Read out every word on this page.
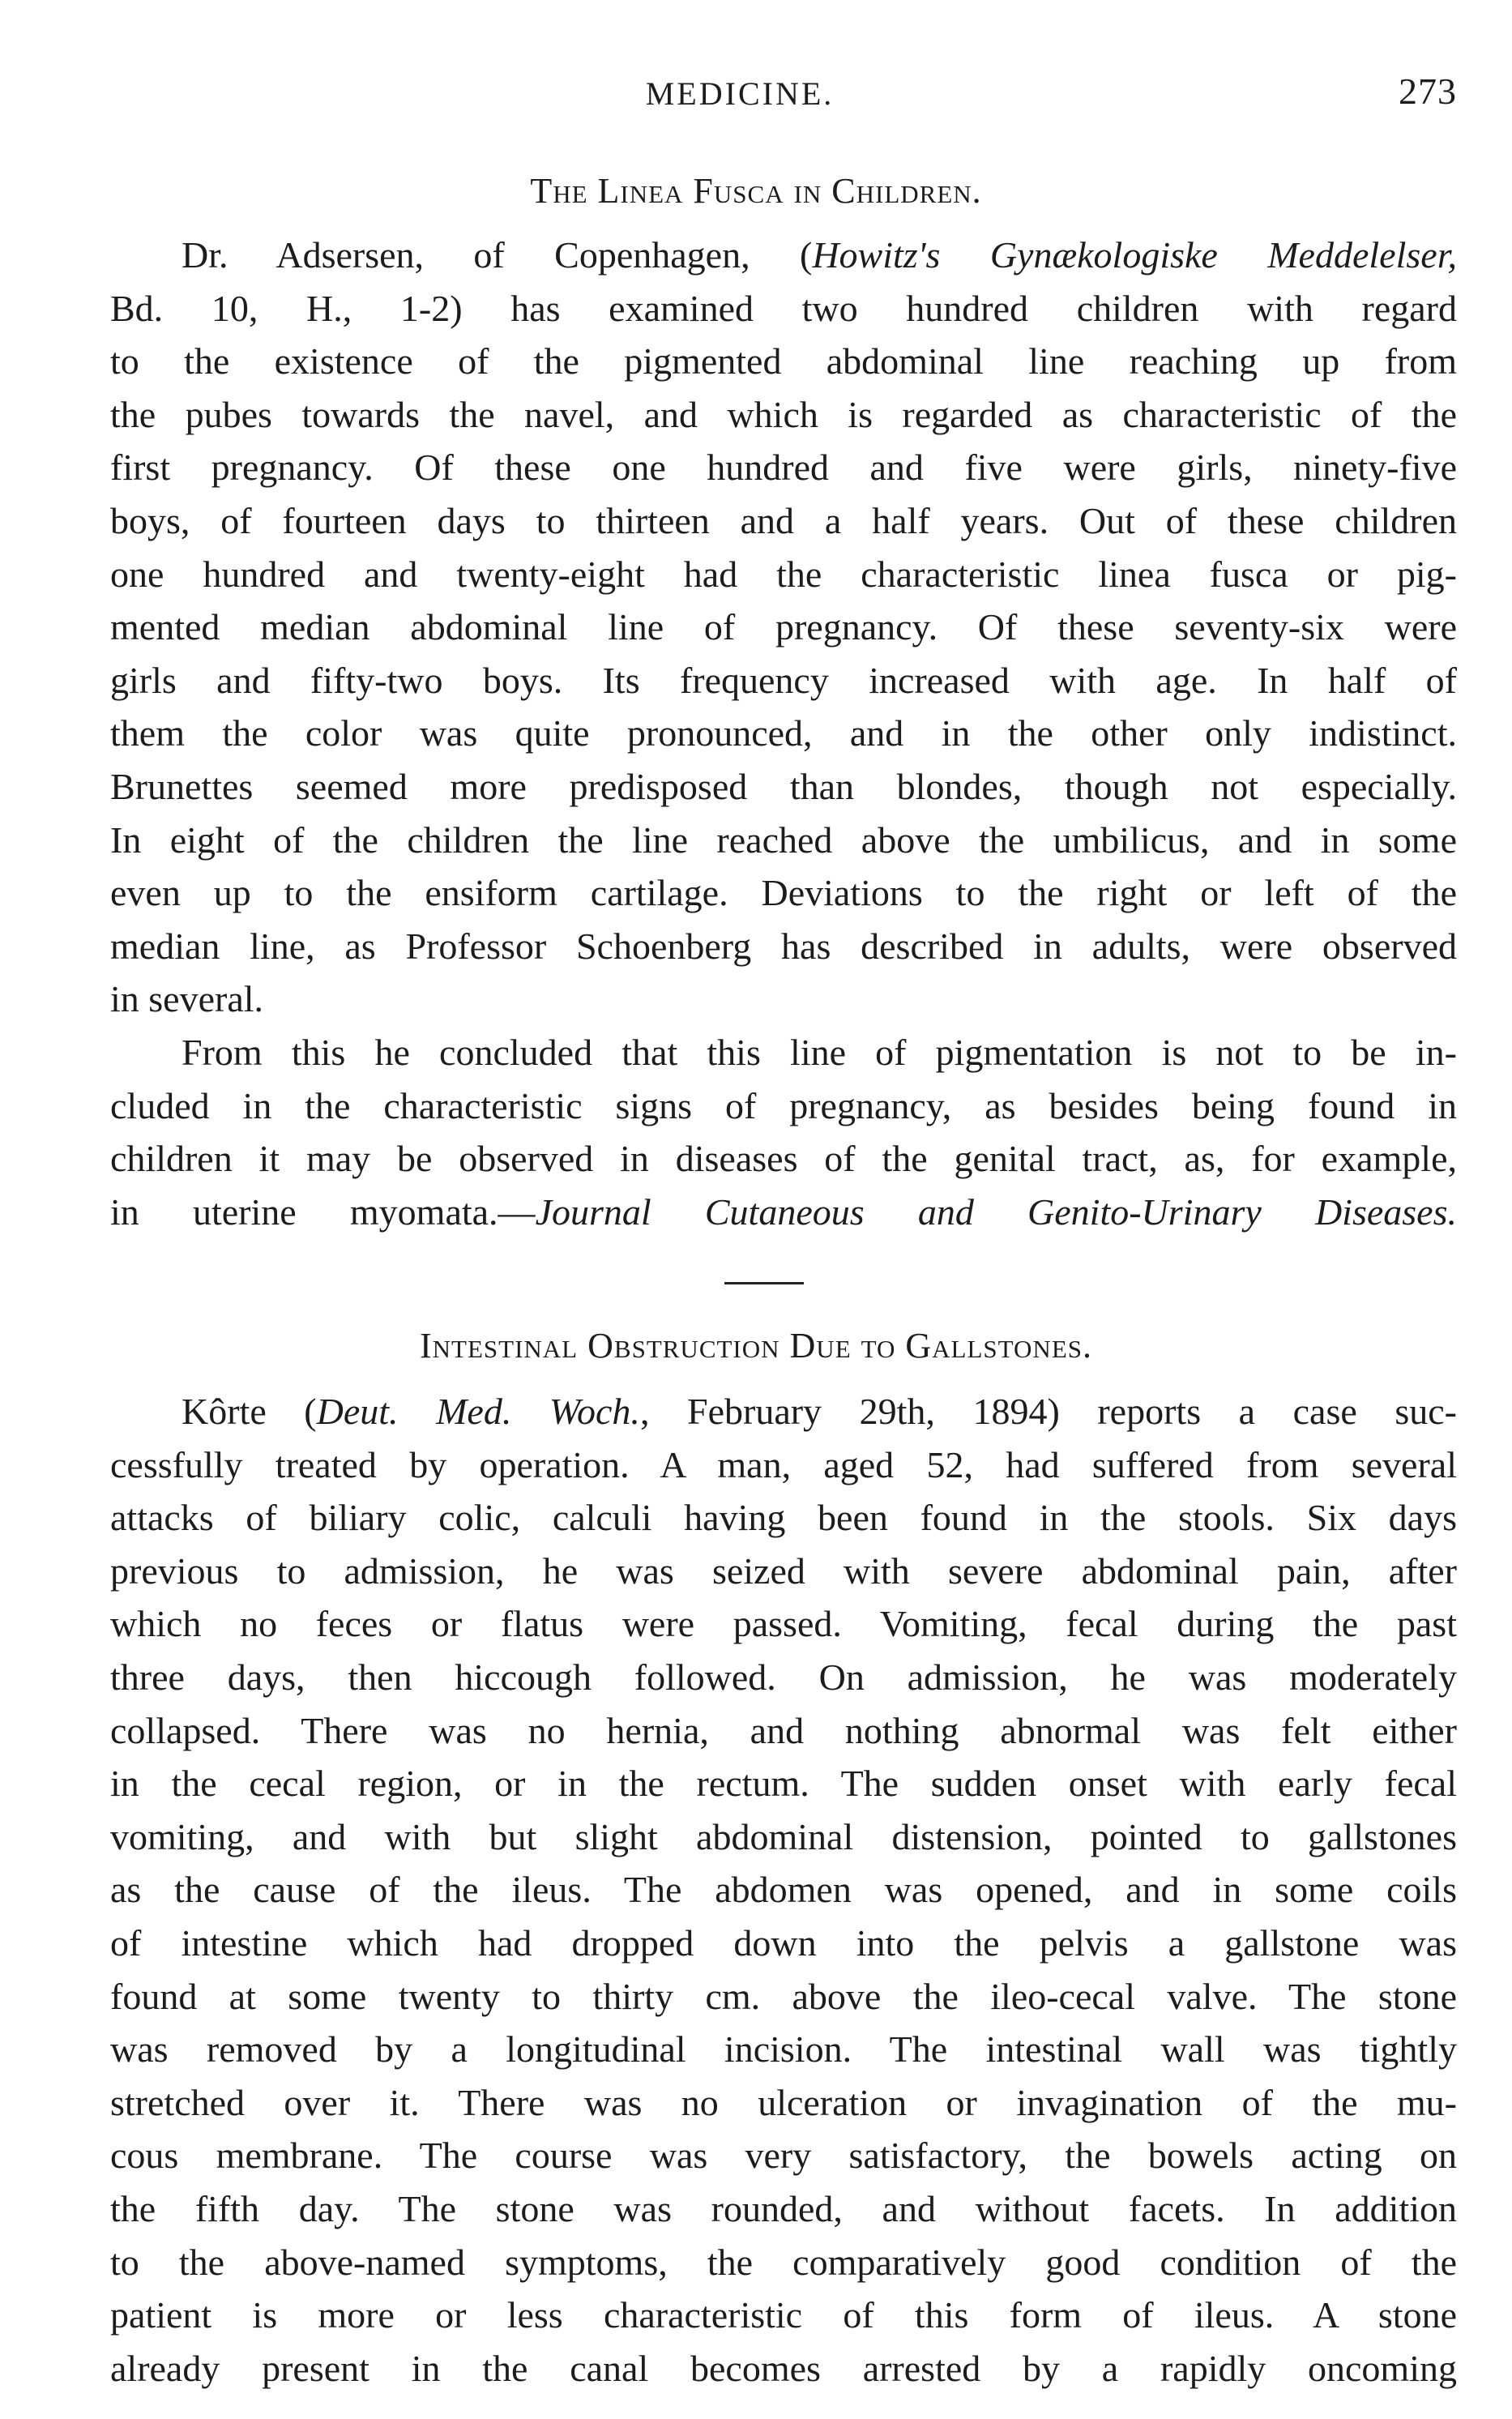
MEDICINE.	273
The Linea Fusca in Children.
Dr. Adsersen, of Copenhagen, (Howitz's Gynækologiske Meddelelser,
Bd. 10, H., 1-2) has examined two hundred children with regard
to the existence of the pigmented abdominal line reaching up from
the pubes towards the navel, and which is regarded as characteristic of the
first pregnancy. Of these one hundred and five were girls, ninety-five
boys, of fourteen days to thirteen and a half years. Out of these children
one hundred and twenty-eight had the characteristic linea fusca or pig-
mented median abdominal line of pregnancy. Of these seventy-six were
girls and fifty-two boys. Its frequency increased with age. In half of
them the color was quite pronounced, and in the other only indistinct.
Brunettes seemed more predisposed than blondes, though not especially.
In eight of the children the line reached above the umbilicus, and in some
even up to the ensiform cartilage. Deviations to the right or left of the
median line, as Professor Schoenberg has described in adults, were observed
in several.
From this he concluded that this line of pigmentation is not to be in-
cluded in the characteristic signs of pregnancy, as besides being found in
children it may be observed in diseases of the genital tract, as, for example,
in uterine myomata.—Journal Cutaneous and Genito-Urinary Diseases.
Intestinal Obstruction Due to Gallstones.
Kôrte (Deut. Med. Woch., February 29th, 1894) reports a case suc-
cessfully treated by operation. A man, aged 52, had suffered from several
attacks of biliary colic, calculi having been found in the stools. Six days
previous to admission, he was seized with severe abdominal pain, after
which no feces or flatus were passed. Vomiting, fecal during the past
three days, then hiccough followed. On admission, he was moderately
collapsed. There was no hernia, and nothing abnormal was felt either
in the cecal region, or in the rectum. The sudden onset with early fecal
vomiting, and with but slight abdominal distension, pointed to gallstones
as the cause of the ileus. The abdomen was opened, and in some coils
of intestine which had dropped down into the pelvis a gallstone was
found at some twenty to thirty cm. above the ileo-cecal valve. The stone
was removed by a longitudinal incision. The intestinal wall was tightly
stretched over it. There was no ulceration or invagination of the mu-
cous membrane. The course was very satisfactory, the bowels acting on
the fifth day. The stone was rounded, and without facets. In addition
to the above-named symptoms, the comparatively good condition of the
patient is more or less characteristic of this form of ileus. A stone
already present in the canal becomes arrested by a rapidly oncoming
